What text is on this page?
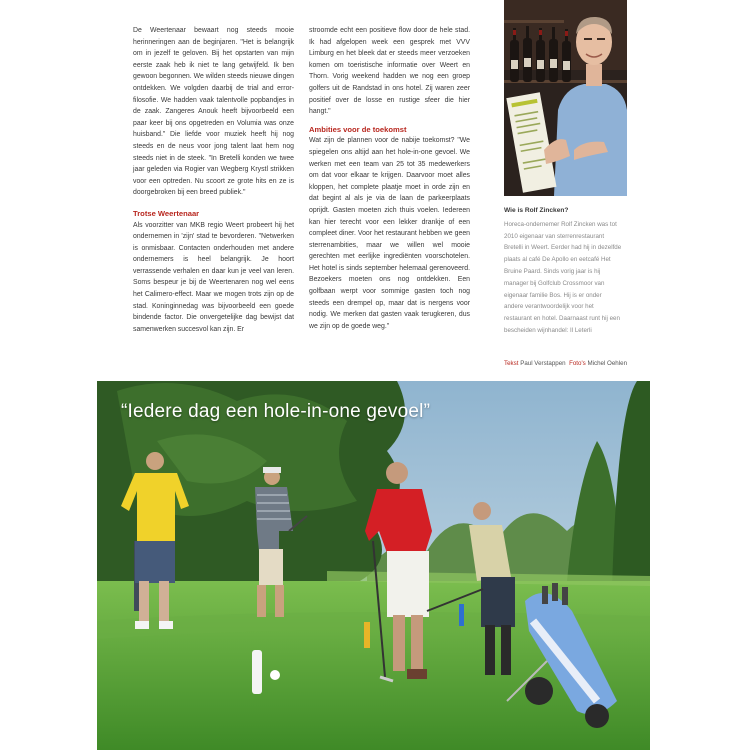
De Weertenaar bewaart nog steeds mooie herinneringen aan de beginjaren. "Het is belangrijk om in jezelf te geloven. Bij het opstarten van mijn eerste zaak heb ik niet te lang getwijfeld. Ik ben gewoon begonnen. We wilden steeds nieuwe dingen ontdekken. We volgden daarbij de trial and error-filosofie. We hadden vaak talentvolle popbandjes in de zaak. Zangeres Anouk heeft bijvoorbeeld een paar keer bij ons opgetreden en Volumia was onze huisband." Die liefde voor muziek heeft hij nog steeds en de neus voor jong talent laat hem nog steeds niet in de steek. "In Bretelli konden we twee jaar geleden via Rogier van Wegberg Krystl strikken voor een optreden. Nu scoort ze grote hits en ze is doorgebroken bij een breed publiek."

Trotse Weertenaar

Als voorzitter van MKB regio Weert probeert hij het ondernemen in 'zijn' stad te bevorderen. "Netwerken is onmisbaar. Contacten onderhouden met andere ondernemers is heel belangrijk. Je hoort verrassende verhalen en daar kun je veel van leren. Soms bespeur je bij de Weertenaren nog wel eens het Calimero-effect. Maar we mogen trots zijn op de stad. Koninginnedag was bijvoorbeeld een goede bindende factor. Die onvergetelijke dag bewijst dat samenwerken succesvol kan zijn. Er

stroomde echt een positieve flow door de hele stad. Ik had afgelopen week een gesprek met VVV Limburg en het bleek dat er steeds meer verzoeken komen om toeristische informatie over Weert en Thorn. Vorig weekend hadden we nog een groep golfers uit de Randstad in ons hotel. Zij waren zeer positief over de losse en rustige sfeer die hier hangt."

Ambities voor de toekomst

Wat zijn de plannen voor de nabije toekomst? "We spiegelen ons altijd aan het hole-in-one gevoel. We werken met een team van 25 tot 35 medewerkers om dat voor elkaar te krijgen. Daarvoor moet alles kloppen, het complete plaatje moet in orde zijn en dat begint al als je via de laan de parkeerplaats oprijdt. Gasten moeten zich thuis voelen. Iedereen kan hier terecht voor een lekker drankje of een compleet diner. Voor het restaurant hebben we geen sterrenambities, maar we willen wel mooie gerechten met eerlijke ingrediënten voorschotelen. Het hotel is sinds september helemaal gerenoveerd. Bezoekers moeten ons nog ontdekken. Een golfbaan werpt voor sommige gasten toch nog steeds een drempel op, maar dat is nergens voor nodig. We merken dat gasten vaak terugkeren, dus we zijn op de goede weg."

Wie is Rolf Zincken?

Horeca-ondernemer Rolf Zincken was tot 2010 eigenaar van sterrenrestaurant Bretelli in Weert. Eerder had hij in dezelfde plaats al café De Apollo en eetcafé Het Bruine Paard. Sinds vorig jaar is hij manager bij Golfclub Crossmoor van eigenaar familie Bos. Hij is er onder andere verantwoordelijk voor het restaurant en hotel. Daarnaast runt hij een bescheiden wijnhandel: Il Leterli

Tekst Paul Verstappen Foto's Michel Oehlen
“Iedere dag een hole-in-one gevoel”
